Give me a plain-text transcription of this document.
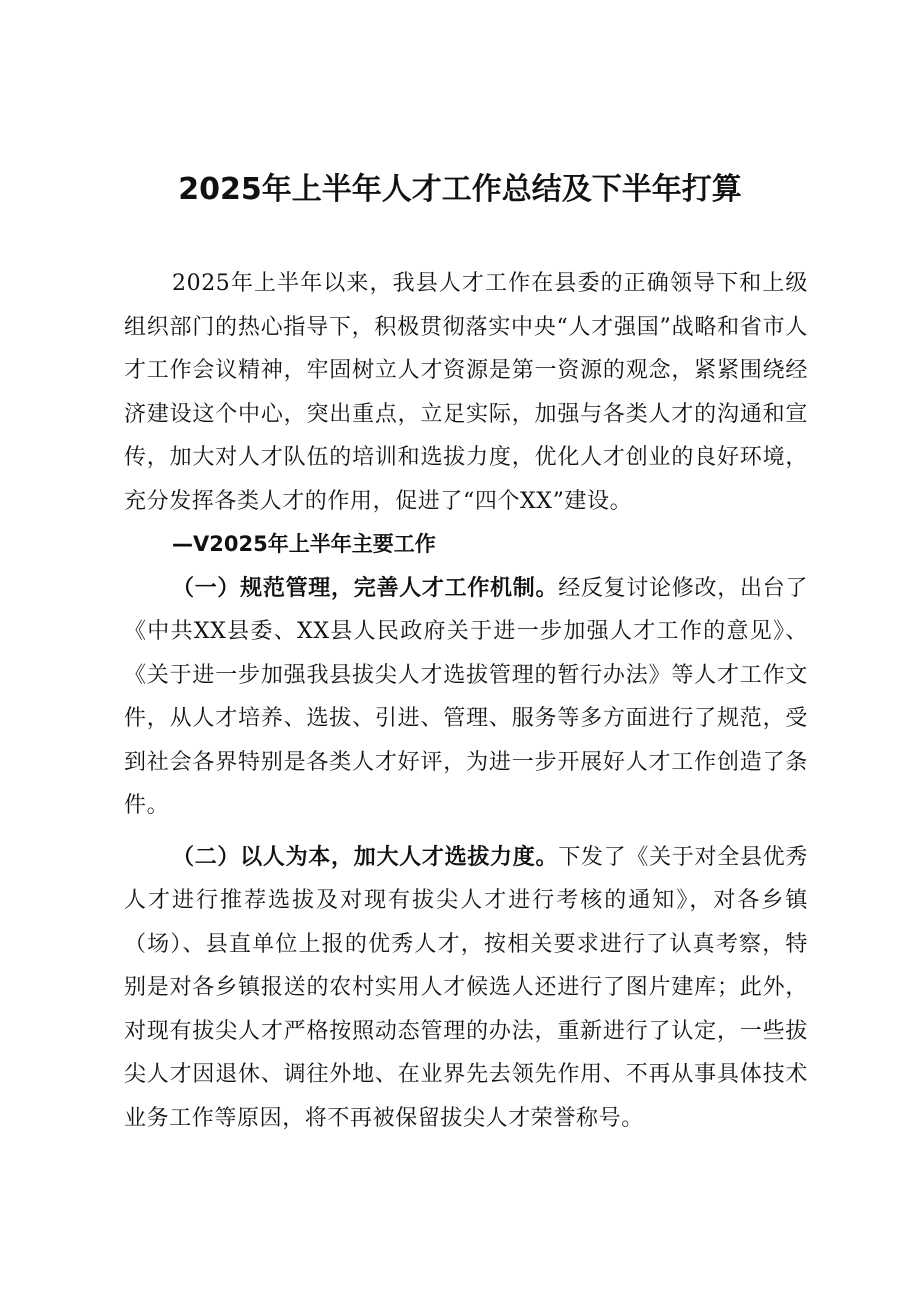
2025年上半年人才工作总结及下半年打算

2025年上半年以来，我县人才工作在县委的正确领导下和上级组织部门的热心指导下，积极贯彻落实中央“人才强国”战略和省市人才工作会议精神，牢固树立人才资源是第一资源的观念，紧紧围绕经济建设这个中心，突出重点，立足实际，加强与各类人才的沟通和宣传，加大对人才队伍的培训和选拔力度，优化人才创业的良好环境，充分发挥各类人才的作用，促进了“四个XX”建设。

—V2025年上半年主要工作

（一）规范管理，完善人才工作机制。经反复讨论修改，出台了《中共XX县委、XX县人民政府关于进一步加强人才工作的意见》、《关于进一步加强我县拔尖人才选拔管理的暂行办法》等人才工作文件，从人才培养、选拔、引进、管理、服务等多方面进行了规范，受到社会各界特别是各类人才好评，为进一步开展好人才工作创造了条件。

（二）以人为本，加大人才选拔力度。下发了《关于对全县优秀人才进行推荐选拔及对现有拔尖人才进行考核的通知》，对各乡镇（场）、县直单位上报的优秀人才，按相关要求进行了认真考察，特别是对各乡镇报送的农村实用人才候选人还进行了图片建库；此外，对现有拔尖人才严格按照动态管理的办法，重新进行了认定，一些拔尖人才因退休、调往外地、在业界先去领先作用、不再从事具体技术业务工作等原因，将不再被保留拔尖人才荣誉称号。
